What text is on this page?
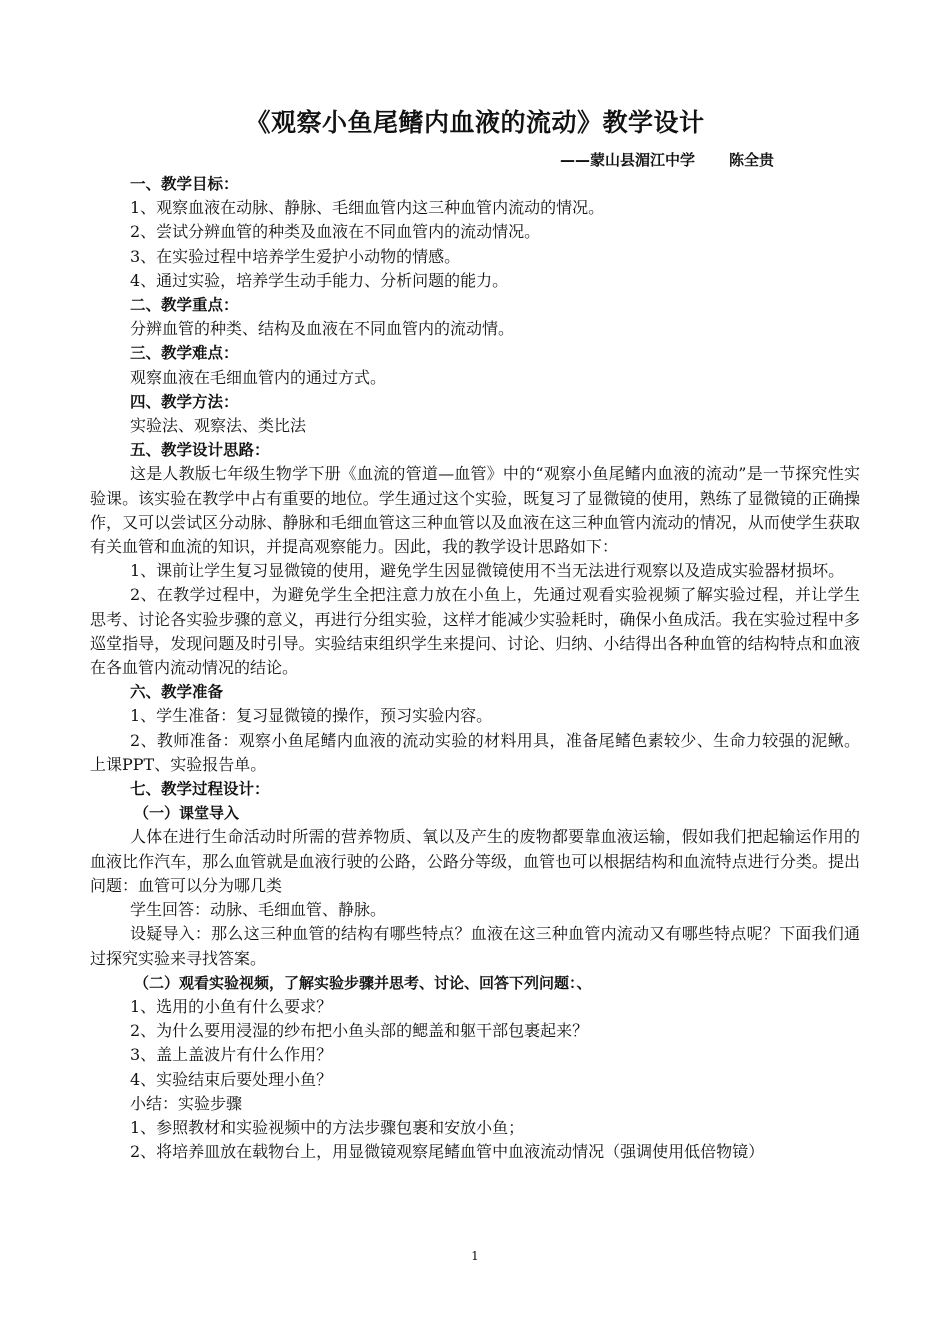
《观察小鱼尾鳍内血液的流动》教学设计
——蒙山县湄江中学 陈全贵

一、教学目标：

1、观察血液在动脉、静脉、毛细血管内这三种血管内流动的情况。

2、尝试分辨血管的种类及血液在不同血管内的流动情况。

3、在实验过程中培养学生爱护小动物的情感。

4、通过实验，培养学生动手能力、分析问题的能力。

二、教学重点：

分辨血管的种类、结构及血液在不同血管内的流动情。

三、教学难点：

观察血液在毛细血管内的通过方式。

四、教学方法：

实验法、观察法、类比法

五、教学设计思路：

这是人教版七年级生物学下册《血流的管道—血管》中的“观察小鱼尾鳍内血液的流动”是一节探究性实验课。该实验在教学中占有重要的地位。学生通过这个实验，既复习了显微镜的使用，熟练了显微镜的正确操作，又可以尝试区分动脉、静脉和毛细血管这三种血管以及血液在这三种血管内流动的情况，从而使学生获取有关血管和血流的知识，并提高观察能力。因此，我的教学设计思路如下：

1、课前让学生复习显微镜的使用，避免学生因显微镜使用不当无法进行观察以及造成实验器材损坏。

2、在教学过程中，为避免学生全把注意力放在小鱼上，先通过观看实验视频了解实验过程，并让学生思考、讨论各实验步骤的意义，再进行分组实验，这样才能减少实验耗时，确保小鱼成活。我在实验过程中多巡堂指导，发现问题及时引导。实验结束组织学生来提问、讨论、归纳、小结得出各种血管的结构特点和血液在各血管内流动情况的结论。

六、教学准备

1、学生准备：复习显微镜的操作，预习实验内容。

2、教师准备：观察小鱼尾鳍内血液的流动实验的材料用具，准备尾鳍色素较少、生命力较强的泥鳅。上课PPT、实验报告单。

七、教学过程设计：

（一）课堂导入

人体在进行生命活动时所需的营养物质、氧以及产生的废物都要靠血液运输，假如我们把起输运作用的血液比作汽车，那么血管就是血液行驶的公路，公路分等级，血管也可以根据结构和血流特点进行分类。提出问题：血管可以分为哪几类

学生回答：动脉、毛细血管、静脉。

设疑导入：那么这三种血管的结构有哪些特点？血液在这三种血管内流动又有哪些特点呢？下面我们通过探究实验来寻找答案。

（二）观看实验视频，了解实验步骤并思考、讨论、回答下列问题：、

1、选用的小鱼有什么要求？

2、为什么要用浸湿的纱布把小鱼头部的鳃盖和躯干部包裹起来？

3、盖上盖波片有什么作用？

4、实验结束后要处理小鱼？

小结：实验步骤

1、参照教材和实验视频中的方法步骤包裹和安放小鱼；

2、将培养皿放在载物台上，用显微镜观察尾鳍血管中血液流动情况（强调使用低倍物镜）

1
